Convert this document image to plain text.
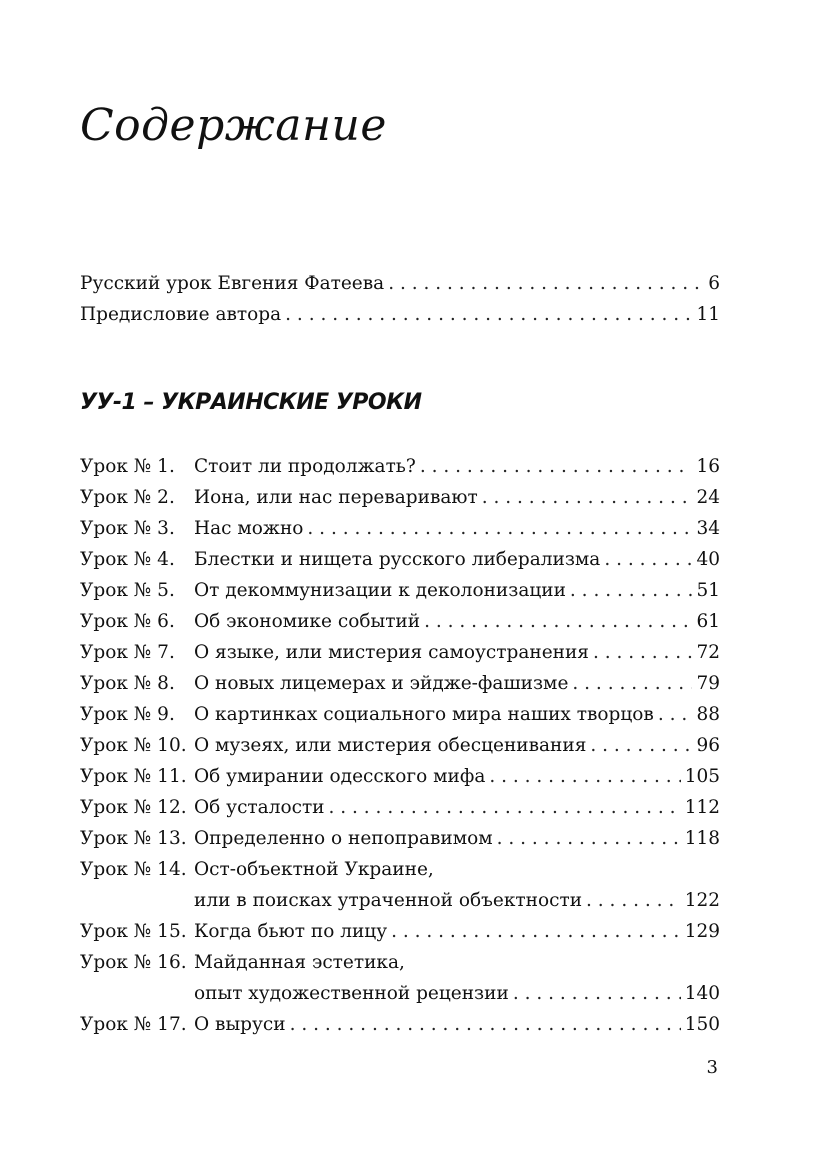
Содержание
Русский урок Евгения Фатеева . . .	6
Предисловие автора . . .	11
УУ-1 – УКРАИНСКИЕ УРОКИ
Урок № 1.	Стоит ли продолжать? . . .	16
Урок № 2.	Иона, или нас переваривают . . .	24
Урок № 3.	Нас можно . . .	34
Урок № 4.	Блестки и нищета русского либерализма . . .	40
Урок № 5.	От декоммунизации к деколонизации . . .	51
Урок № 6.	Об экономике событий . . .	61
Урок № 7.	О языке, или мистерия самоустранения . . .	72
Урок № 8.	О новых лицемерах и эйдже-фашизме . . .	79
Урок № 9.	О картинках социального мира наших творцов . . . 88
Урок № 10. О музеях, или мистерия обесценивания . . .	96
Урок № 11. Об умирании одесского мифа . . .	105
Урок № 12. Об усталости . . .	112
Урок № 13. Определенно о непоправимом . . .	118
Урок № 14. Ост-объектной Украине,
или в поисках утраченной объектности . . .	122
Урок № 15. Когда бьют по лицу . . .	129
Урок № 16. Майданная эстетика,
опыт художественной рецензии . . .	140
Урок № 17. О выруси . . .	150
3
